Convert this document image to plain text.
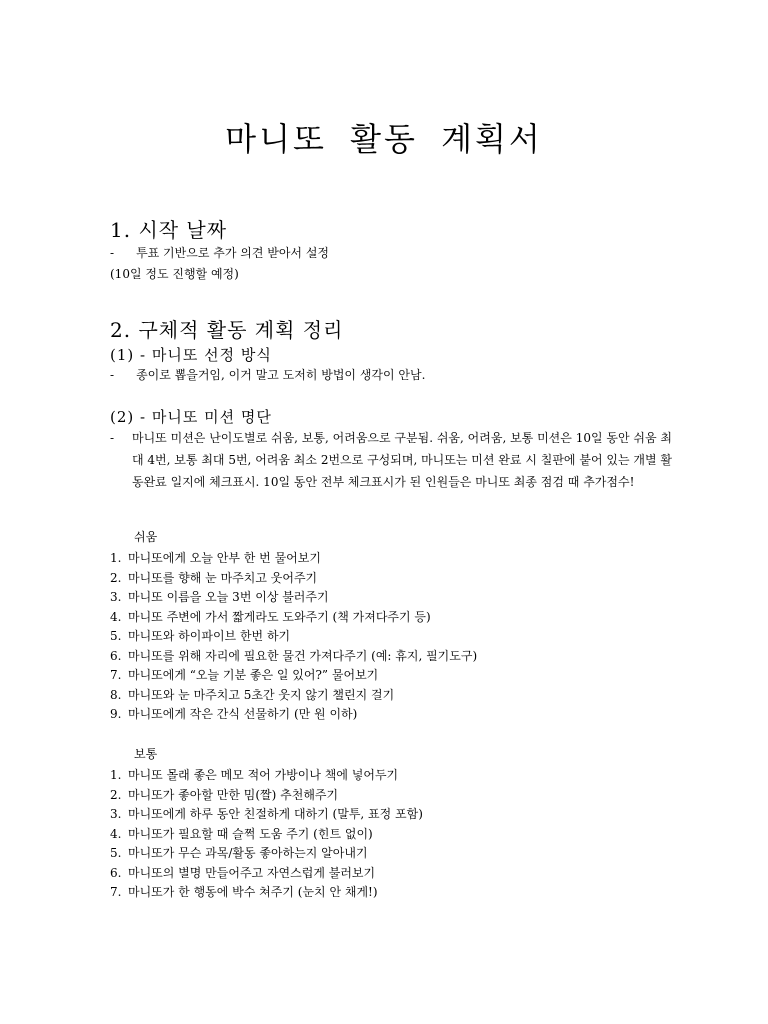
마니또 활동 계획서
1. 시작 날짜
- 투표 기반으로 추가 의견 받아서 설정
(10일 정도 진행할 예정)
2. 구체적 활동 계획 정리
(1) - 마니또 선정 방식
- 종이로 뽑을거임, 이거 말고 도저히 방법이 생각이 안남.
(2) - 마니또 미션 명단
- 마니또 미션은 난이도별로 쉬움, 보통, 어려움으로 구분됨. 쉬움, 어려움, 보통 미션은 10일 동안 쉬움 최대 4번, 보통 최대 5번, 어려움 최소 2번으로 구성되며, 마니또는 미션 완료 시 칠판에 붙어 있는 개별 활동완료 일지에 체크표시. 10일 동안 전부 체크표시가 된 인원들은 마니또 최종 점검 때 추가점수!
쉬움
1. 마니또에게 오늘 안부 한 번 물어보기
2. 마니또를 향해 눈 마주치고 웃어주기
3. 마니또 이름을 오늘 3번 이상 불러주기
4. 마니또 주변에 가서 짧게라도 도와주기 (책 가져다주기 등)
5. 마니또와 하이파이브 한번 하기
6. 마니또를 위해 자리에 필요한 물건 가져다주기 (예: 휴지, 필기도구)
7. 마니또에게 “오늘 기분 좋은 일 있어?” 물어보기
8. 마니또와 눈 마주치고 5초간 웃지 않기 챌린지 걸기
9. 마니또에게 작은 간식 선물하기 (만 원 이하)
보통
1. 마니또 몰래 좋은 메모 적어 가방이나 책에 넣어두기
2. 마니또가 좋아할 만한 밈(짤) 추천해주기
3. 마니또에게 하루 동안 친절하게 대하기 (말투, 표정 포함)
4. 마니또가 필요할 때 슬쩍 도움 주기 (힌트 없이)
5. 마니또가 무슨 과목/활동 좋아하는지 알아내기
6. 마니또의 별명 만들어주고 자연스럽게 불러보기
7. 마니또가 한 행동에 박수 쳐주기 (눈치 안 채게!)
